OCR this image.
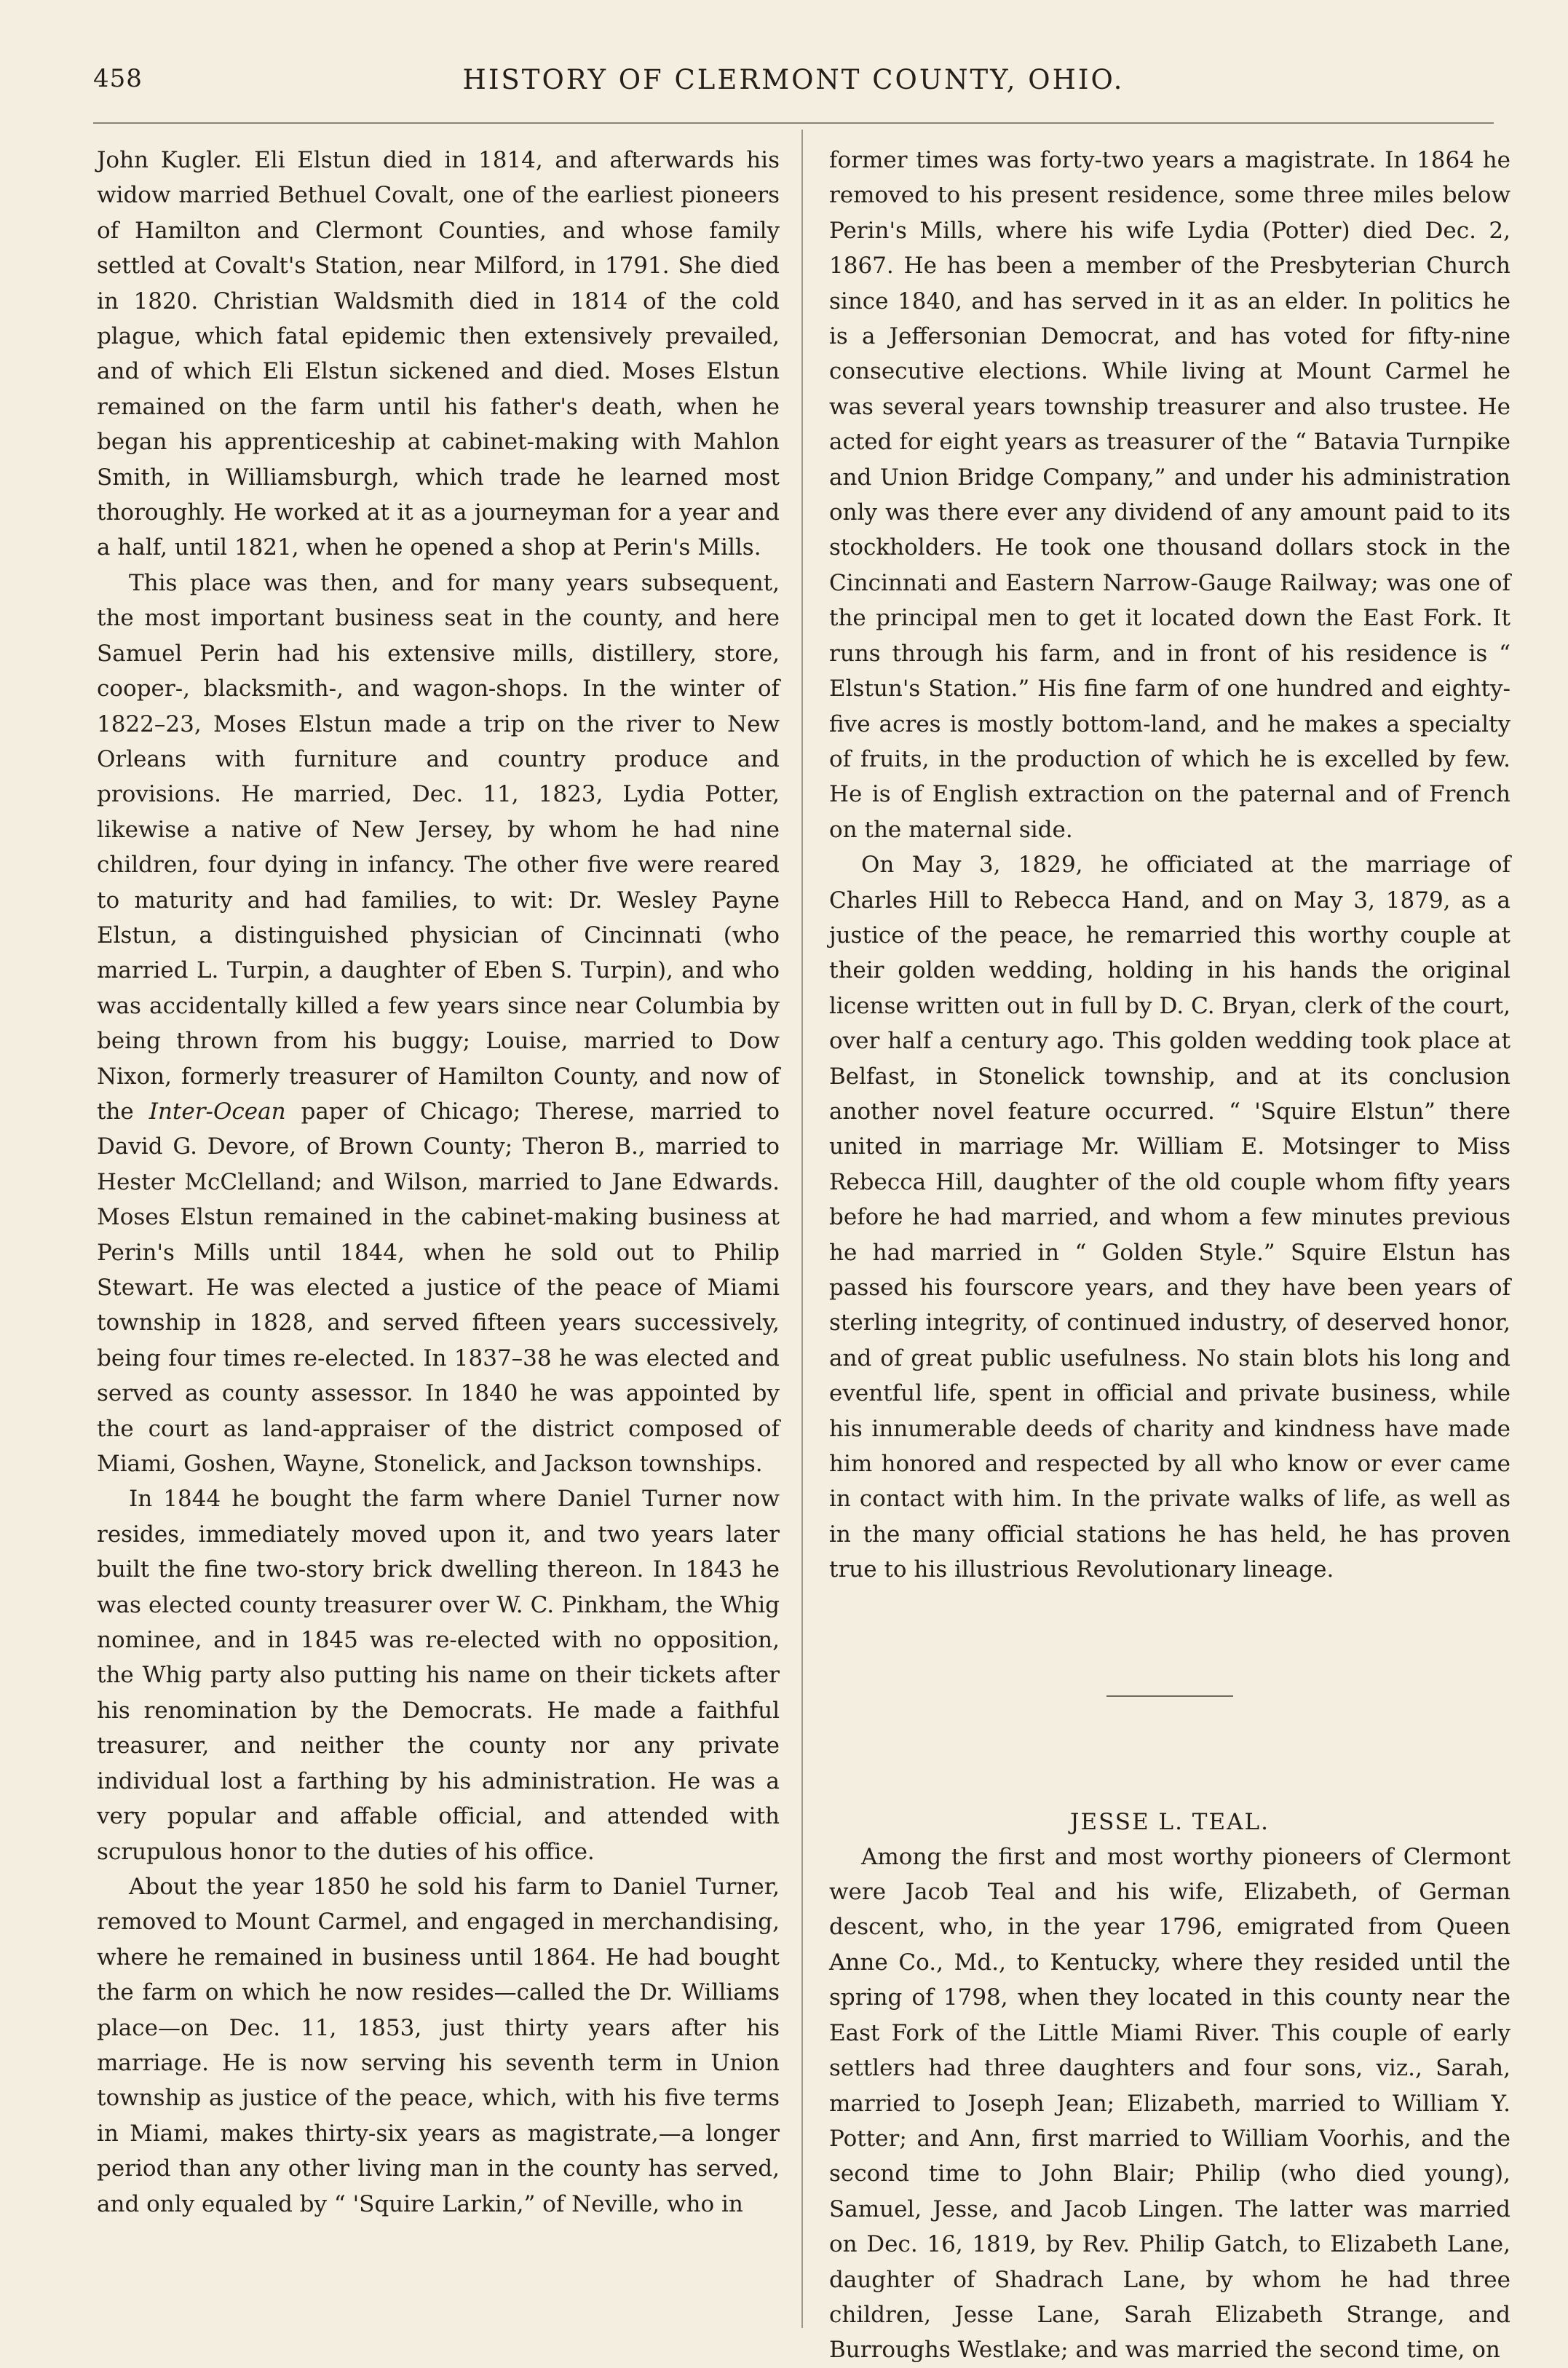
458	HISTORY OF CLERMONT COUNTY, OHIO.

John Kugler. Eli Elstun died in 1814, and afterwards his widow married Bethuel Covalt, one of the earliest pioneers of Hamilton and Clermont Counties, and whose family settled at Covalt's Station, near Milford, in 1791. She died in 1820. Christian Waldsmith died in 1814 of the cold plague, which fatal epidemic then extensively prevailed, and of which Eli Elstun sickened and died. Moses Elstun remained on the farm until his father's death, when he began his apprenticeship at cabinet-making with Mahlon Smith, in Williamsburgh, which trade he learned most thoroughly. He worked at it as a journeyman for a year and a half, until 1821, when he opened a shop at Perin's Mills.

This place was then, and for many years subsequent, the most important business seat in the county, and here Samuel Perin had his extensive mills, distillery, store, cooper-, blacksmith-, and wagon-shops. In the winter of 1822–23, Moses Elstun made a trip on the river to New Orleans with furniture and country produce and provisions. He married, Dec. 11, 1823, Lydia Potter, likewise a native of New Jersey, by whom he had nine children, four dying in infancy. The other five were reared to maturity and had families, to wit: Dr. Wesley Payne Elstun, a distinguished physician of Cincinnati (who married L. Turpin, a daughter of Eben S. Turpin), and who was accidentally killed a few years since near Columbia by being thrown from his buggy; Louise, married to Dow Nixon, formerly treasurer of Hamilton County, and now of the Inter-Ocean paper of Chicago; Therese, married to David G. Devore, of Brown County; Theron B., married to Hester McClelland; and Wilson, married to Jane Edwards. Moses Elstun remained in the cabinet-making business at Perin's Mills until 1844, when he sold out to Philip Stewart. He was elected a justice of the peace of Miami township in 1828, and served fifteen years successively, being four times re-elected. In 1837–38 he was elected and served as county assessor. In 1840 he was appointed by the court as land-appraiser of the district composed of Miami, Goshen, Wayne, Stonelick, and Jackson townships.

In 1844 he bought the farm where Daniel Turner now resides, immediately moved upon it, and two years later built the fine two-story brick dwelling thereon. In 1843 he was elected county treasurer over W. C. Pinkham, the Whig nominee, and in 1845 was re-elected with no opposition, the Whig party also putting his name on their tickets after his renomination by the Democrats. He made a faithful treasurer, and neither the county nor any private individual lost a farthing by his administration. He was a very popular and affable official, and attended with scrupulous honor to the duties of his office.

About the year 1850 he sold his farm to Daniel Turner, removed to Mount Carmel, and engaged in merchandising, where he remained in business until 1864. He had bought the farm on which he now resides—called the Dr. Williams place—on Dec. 11, 1853, just thirty years after his marriage. He is now serving his seventh term in Union township as justice of the peace, which, with his five terms in Miami, makes thirty-six years as magistrate,—a longer period than any other living man in the county has served, and only equaled by “ 'Squire Larkin,” of Neville, who in

former times was forty-two years a magistrate. In 1864 he removed to his present residence, some three miles below Perin's Mills, where his wife Lydia (Potter) died Dec. 2, 1867. He has been a member of the Presbyterian Church since 1840, and has served in it as an elder. In politics he is a Jeffersonian Democrat, and has voted for fifty-nine consecutive elections. While living at Mount Carmel he was several years township treasurer and also trustee. He acted for eight years as treasurer of the “ Batavia Turnpike and Union Bridge Company,” and under his administration only was there ever any dividend of any amount paid to its stockholders. He took one thousand dollars stock in the Cincinnati and Eastern Narrow-Gauge Railway; was one of the principal men to get it located down the East Fork. It runs through his farm, and in front of his residence is “ Elstun's Station.” His fine farm of one hundred and eighty-five acres is mostly bottom-land, and he makes a specialty of fruits, in the production of which he is excelled by few. He is of English extraction on the paternal and of French on the maternal side.

On May 3, 1829, he officiated at the marriage of Charles Hill to Rebecca Hand, and on May 3, 1879, as a justice of the peace, he remarried this worthy couple at their golden wedding, holding in his hands the original license written out in full by D. C. Bryan, clerk of the court, over half a century ago. This golden wedding took place at Belfast, in Stonelick township, and at its conclusion another novel feature occurred. “ 'Squire Elstun” there united in marriage Mr. William E. Motsinger to Miss Rebecca Hill, daughter of the old couple whom fifty years before he had married, and whom a few minutes previous he had married in “ Golden Style.” Squire Elstun has passed his fourscore years, and they have been years of sterling integrity, of continued industry, of deserved honor, and of great public usefulness. No stain blots his long and eventful life, spent in official and private business, while his innumerable deeds of charity and kindness have made him honored and respected by all who know or ever came in contact with him. In the private walks of life, as well as in the many official stations he has held, he has proven true to his illustrious Revolutionary lineage.

JESSE L. TEAL.

Among the first and most worthy pioneers of Clermont were Jacob Teal and his wife, Elizabeth, of German descent, who, in the year 1796, emigrated from Queen Anne Co., Md., to Kentucky, where they resided until the spring of 1798, when they located in this county near the East Fork of the Little Miami River. This couple of early settlers had three daughters and four sons, viz., Sarah, married to Joseph Jean; Elizabeth, married to William Y. Potter; and Ann, first married to William Voorhis, and the second time to John Blair; Philip (who died young), Samuel, Jesse, and Jacob Lingen. The latter was married on Dec. 16, 1819, by Rev. Philip Gatch, to Elizabeth Lane, daughter of Shadrach Lane, by whom he had three children, Jesse Lane, Sarah Elizabeth Strange, and Burroughs Westlake; and was married the second time, on
